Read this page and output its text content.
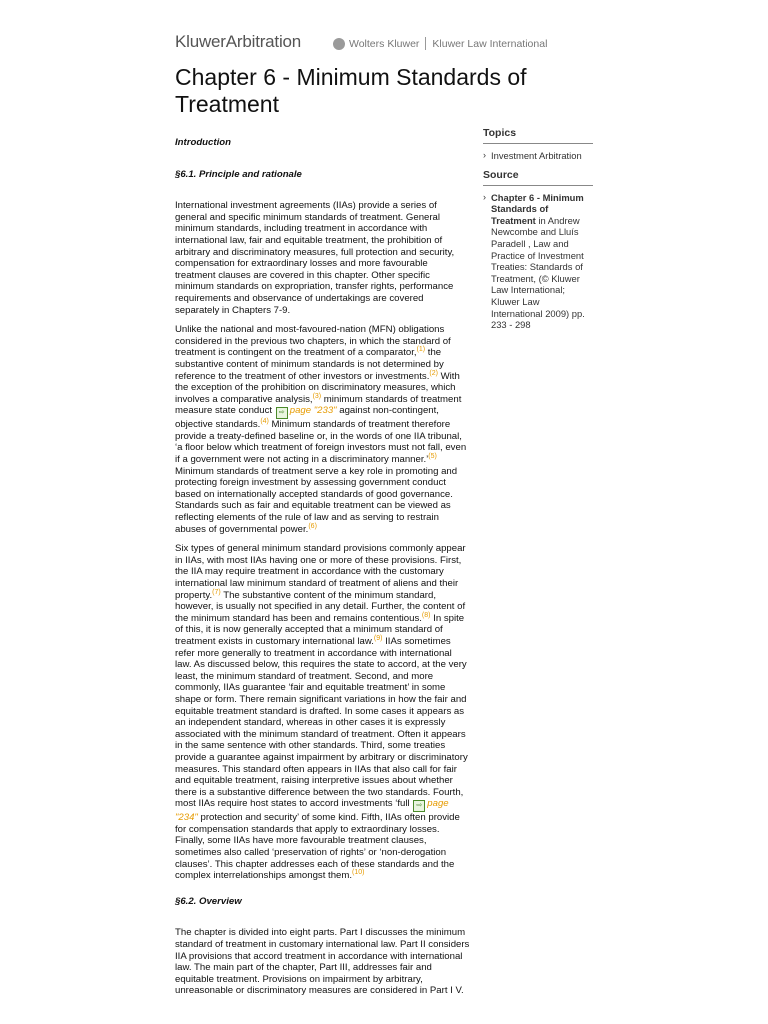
KluwerArbitration	Wolters Kluwer Kluwer Law International
Chapter 6 - Minimum Standards of Treatment
Topics
› Investment Arbitration
Source
› Chapter 6 - Minimum Standards of Treatment in Andrew Newcombe and Lluís Paradell , Law and Practice of Investment Treaties: Standards of Treatment, (© Kluwer Law International; Kluwer Law International 2009) pp. 233 - 298

Introduction

§6.1. Principle and rationale

International investment agreements (IIAs) provide a series of general and specific minimum standards of treatment. General minimum standards, including treatment in accordance with international law, fair and equitable treatment, the prohibition of arbitrary and discriminatory measures, full protection and security, compensation for extraordinary losses and more favourable treatment clauses are covered in this chapter. Other specific minimum standards on expropriation, transfer rights, performance requirements and observance of undertakings are covered separately in Chapters 7-9.

Unlike the national and most-favoured-nation (MFN) obligations considered in the previous two chapters, in which the standard of treatment is contingent on the treatment of a comparator,$^{(1)}$ the substantive content of minimum standards is not determined by reference to the treatment of other investors or investments.$^{(2)}$ With the exception of the prohibition on discriminatory measures, which involves a comparative analysis,$^{(3)}$ minimum standards of treatment measure state conduct ⇨ page "233" against non-contingent, objective standards.$^{(4)}$ Minimum standards of treatment therefore provide a treaty-defined baseline or, in the words of one IIA tribunal, ‘a floor below which treatment of foreign investors must not fall, even if a government were not acting in a discriminatory manner.’$^{(5)}$ Minimum standards of treatment serve a key role in promoting and protecting foreign investment by assessing government conduct based on internationally accepted standards of good governance. Standards such as fair and equitable treatment can be viewed as reflecting elements of the rule of law and as serving to restrain abuses of governmental power.$^{(6)}$

Six types of general minimum standard provisions commonly appear in IIAs, with most IIAs having one or more of these provisions. First, the IIA may require treatment in accordance with the customary international law minimum standard of treatment of aliens and their property.$^{(7)}$ The substantive content of the minimum standard, however, is usually not specified in any detail. Further, the content of the minimum standard has been and remains contentious.$^{(8)}$ In spite of this, it is now generally accepted that a minimum standard of treatment exists in customary international law.$^{(9)}$ IIAs sometimes refer more generally to treatment in accordance with international law. As discussed below, this requires the state to accord, at the very least, the minimum standard of treatment. Second, and more commonly, IIAs guarantee ‘fair and equitable treatment’ in some shape or form. There remain significant variations in how the fair and equitable treatment standard is drafted. In some cases it appears as an independent standard, whereas in other cases it is expressly associated with the minimum standard of treatment. Often it appears in the same sentence with other standards. Third, some treaties provide a guarantee against impairment by arbitrary or discriminatory measures. This standard often appears in IIAs that also call for fair and equitable treatment, raising interpretive issues about whether there is a substantive difference between the two standards. Fourth, most IIAs require host states to accord investments ‘full ⇨ page "234" protection and security’ of some kind. Fifth, IIAs often provide for compensation standards that apply to extraordinary losses. Finally, some IIAs have more favourable treatment clauses, sometimes also called ‘preservation of rights’ or ‘non-derogation clauses’. This chapter addresses each of these standards and the complex interrelationships amongst them.$^{(10)}$

§6.2. Overview

The chapter is divided into eight parts. Part I discusses the minimum standard of treatment in customary international law. Part II considers IIA provisions that accord treatment in accordance with international law. The main part of the chapter, Part III, addresses fair and equitable treatment. Provisions on impairment by arbitrary, unreasonable or discriminatory measures are considered in Part I V.
